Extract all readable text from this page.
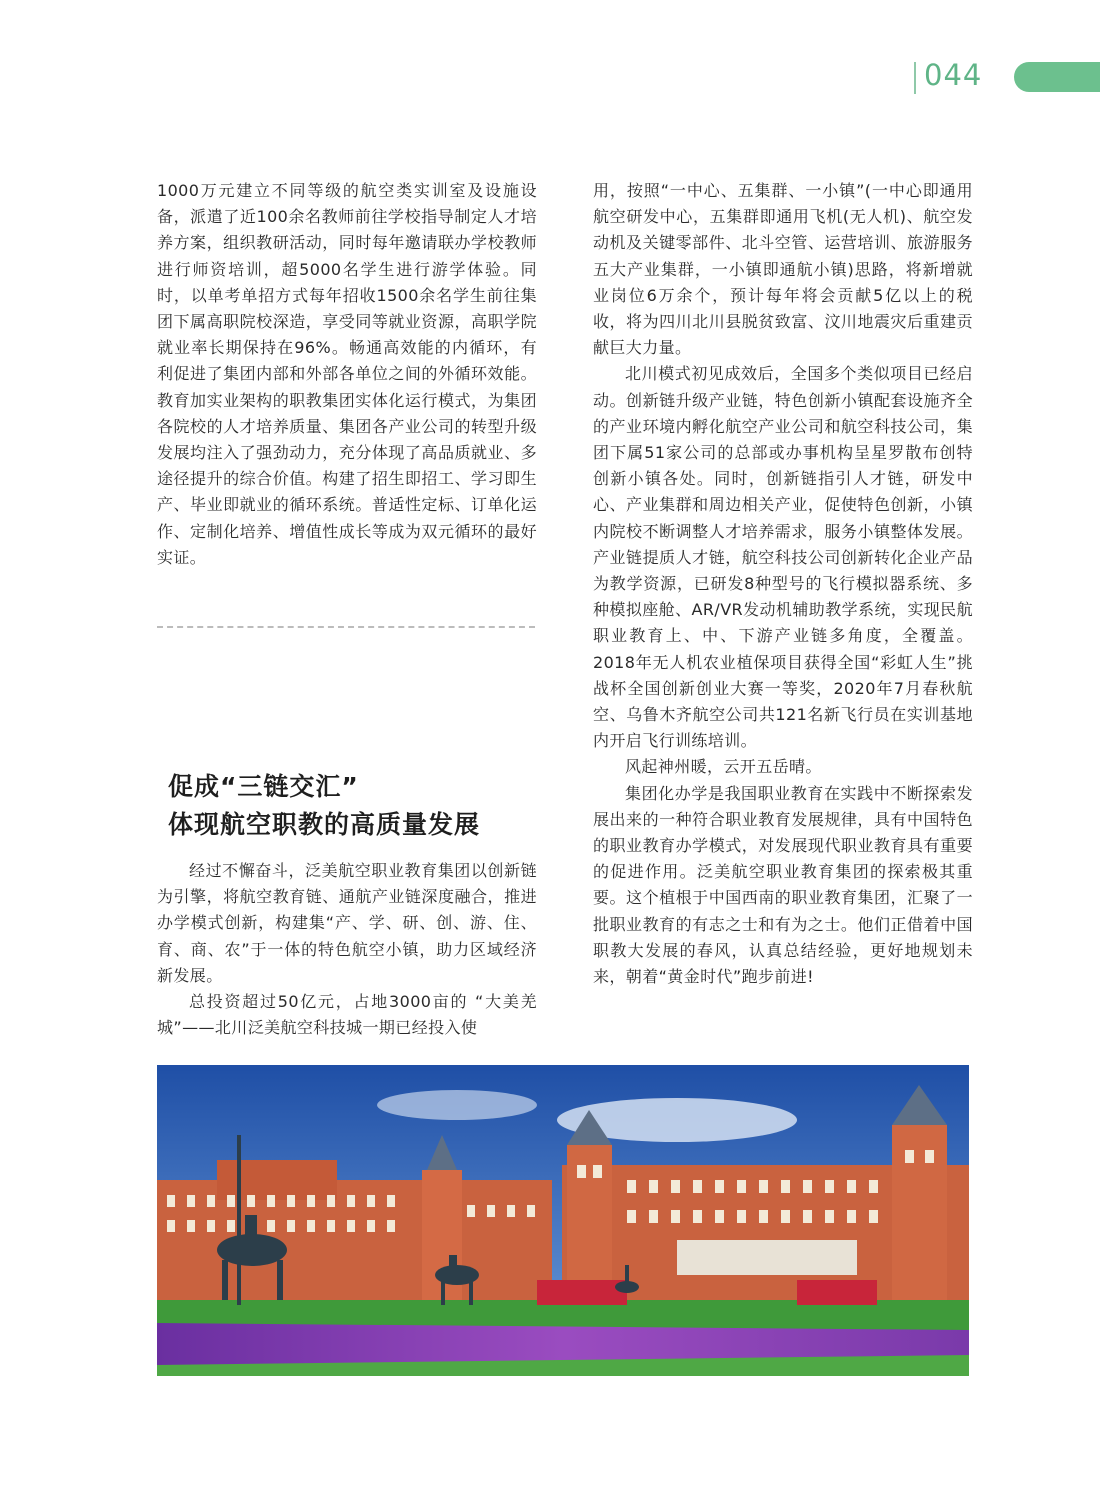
044

1000万元建立不同等级的航空类实训室及设施设备，派遣了近100余名教师前往学校指导制定人才培养方案，组织教研活动，同时每年邀请联办学校教师进行师资培训，超5000名学生进行游学体验。同时，以单考单招方式每年招收1500余名学生前往集团下属高职院校深造，享受同等就业资源，高职学院就业率长期保持在96%。畅通高效能的内循环，有利促进了集团内部和外部各单位之间的外循环效能。教育加实业架构的职教集团实体化运行模式，为集团各院校的人才培养质量、集团各产业公司的转型升级发展均注入了强劲动力，充分体现了高品质就业、多途径提升的综合价值。构建了招生即招工、学习即生产、毕业即就业的循环系统。普适性定标、订单化运作、定制化培养、增值性成长等成为双元循环的最好实证。

促成“三链交汇”
体现航空职教的高质量发展

经过不懈奋斗，泛美航空职业教育集团以创新链为引擎，将航空教育链、通航产业链深度融合，推进办学模式创新，构建集“产、学、研、创、游、住、育、商、农”于一体的特色航空小镇，助力区域经济新发展。

总投资超过50亿元，占地3000亩的 “大美羌城”——北川泛美航空科技城一期已经投入使

用，按照“一中心、五集群、一小镇”(一中心即通用航空研发中心，五集群即通用飞机(无人机)、航空发动机及关键零部件、北斗空管、运营培训、旅游服务五大产业集群，一小镇即通航小镇)思路，将新增就业岗位6万余个，预计每年将会贡献5亿以上的税收，将为四川北川县脱贫致富、汶川地震灾后重建贡献巨大力量。

北川模式初见成效后，全国多个类似项目已经启动。创新链升级产业链，特色创新小镇配套设施齐全的产业环境内孵化航空产业公司和航空科技公司，集团下属51家公司的总部或办事机构呈星罗散布创特创新小镇各处。同时，创新链指引人才链，研发中心、产业集群和周边相关产业，促使特色创新，小镇内院校不断调整人才培养需求，服务小镇整体发展。产业链提质人才链，航空科技公司创新转化企业产品为教学资源，已研发8种型号的飞行模拟器系统、多种模拟座舱、AR/VR发动机辅助教学系统，实现民航职业教育上、中、下游产业链多角度，全覆盖。2018年无人机农业植保项目获得全国“彩虹人生”挑战杯全国创新创业大赛一等奖，2020年7月春秋航空、乌鲁木齐航空公司共121名新飞行员在实训基地内开启飞行训练培训。

风起神州暖，云开五岳晴。

集团化办学是我国职业教育在实践中不断探索发展出来的一种符合职业教育发展规律，具有中国特色的职业教育办学模式，对发展现代职业教育具有重要的促进作用。泛美航空职业教育集团的探索极其重要。这个植根于中国西南的职业教育集团，汇聚了一批职业教育的有志之士和有为之士。他们正借着中国职教大发展的春风，认真总结经验，更好地规划未来，朝着“黄金时代”跑步前进!
